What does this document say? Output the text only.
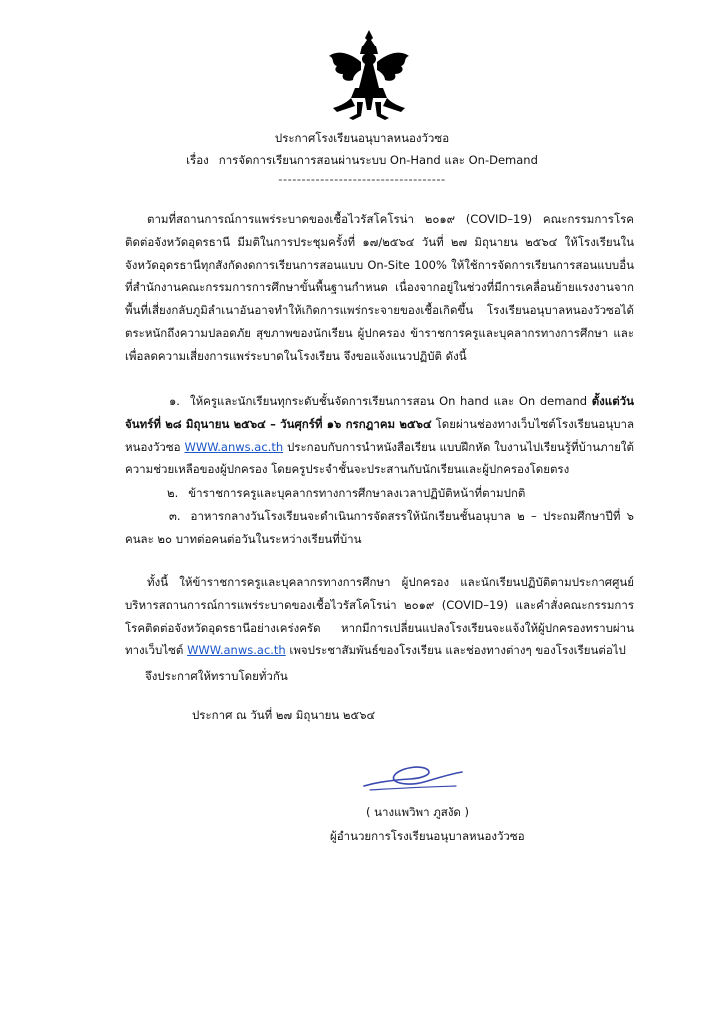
ประกาศโรงเรียนอนุบาลหนองวัวซอ
เรื่อง การจัดการเรียนการสอนผ่านระบบ On-Hand และ On-Demand
------------------------------------
ตามที่สถานการณ์การแพร่ระบาดของเชื้อไวรัสโคโรน่า ๒๐๑๙ (COVID–19) คณะกรรมการโรคติดต่อจังหวัดอุดรธานี มีมติในการประชุมครั้งที่ ๑๗/๒๕๖๔ วันที่ ๒๗ มิถุนายน ๒๕๖๔ ให้โรงเรียนในจังหวัดอุดรธานีทุกสังกัดงดการเรียนการสอนแบบ On-Site 100% ให้ใช้การจัดการเรียนการสอนแบบอื่นที่สำนักงานคณะกรรมการการศึกษาขั้นพื้นฐานกำหนด เนื่องจากอยู่ในช่วงที่มีการเคลื่อนย้ายแรงงานจากพื้นที่เสี่ยงกลับภูมิลำเนาอันอาจทำให้เกิดการแพร่กระจายของเชื้อเกิดขึ้น โรงเรียนอนุบาลหนองวัวซอได้ตระหนักถึงความปลอดภัย สุขภาพของนักเรียน ผู้ปกครอง ข้าราชการครูและบุคลากรทางการศึกษา และเพื่อลดความเสี่ยงการแพร่ระบาดในโรงเรียน จึงขอแจ้งแนวปฏิบัติ ดังนี้
๑. ให้ครูและนักเรียนทุกระดับชั้นจัดการเรียนการสอน On hand และ On demand ตั้งแต่วันจันทร์ที่ ๒๘ มิถุนายน ๒๕๖๔ – วันศุกร์ที่ ๑๖ กรกฎาคม ๒๕๖๔ โดยผ่านช่องทางเว็บไซต์โรงเรียนอนุบาลหนองวัวซอ WWW.anws.ac.th ประกอบกับการนำหนังสือเรียน แบบฝึกหัด ใบงานไปเรียนรู้ที่บ้านภายใต้ความช่วยเหลือของผู้ปกครอง โดยครูประจำชั้นจะประสานกับนักเรียนและผู้ปกครองโดยตรง
๒. ข้าราชการครูและบุคลากรทางการศึกษาลงเวลาปฏิบัติหน้าที่ตามปกติ
๓. อาหารกลางวันโรงเรียนจะดำเนินการจัดสรรให้นักเรียนชั้นอนุบาล ๒ – ประถมศึกษาปีที่ ๖ คนละ ๒๐ บาทต่อคนต่อวันในระหว่างเรียนที่บ้าน
ทั้งนี้ ให้ข้าราชการครูและบุคลากรทางการศึกษา ผู้ปกครอง และนักเรียนปฏิบัติตามประกาศศูนย์บริหารสถานการณ์การแพร่ระบาดของเชื้อไวรัสโคโรน่า ๒๐๑๙ (COVID–19) และคำสั่งคณะกรรมการโรคติดต่อจังหวัดอุดรธานีอย่างเคร่งครัด หากมีการเปลี่ยนแปลงโรงเรียนจะแจ้งให้ผู้ปกครองทราบผ่านทางเว็บไซต์ WWW.anws.ac.th เพจประชาสัมพันธ์ของโรงเรียน และช่องทางต่างๆ ของโรงเรียนต่อไป
จึงประกาศให้ทราบโดยทั่วกัน
ประกาศ ณ วันที่ ๒๗ มิถุนายน ๒๕๖๔
( นางแพวิพา ภูสงัด )
ผู้อำนวยการโรงเรียนอนุบาลหนองวัวซอ
